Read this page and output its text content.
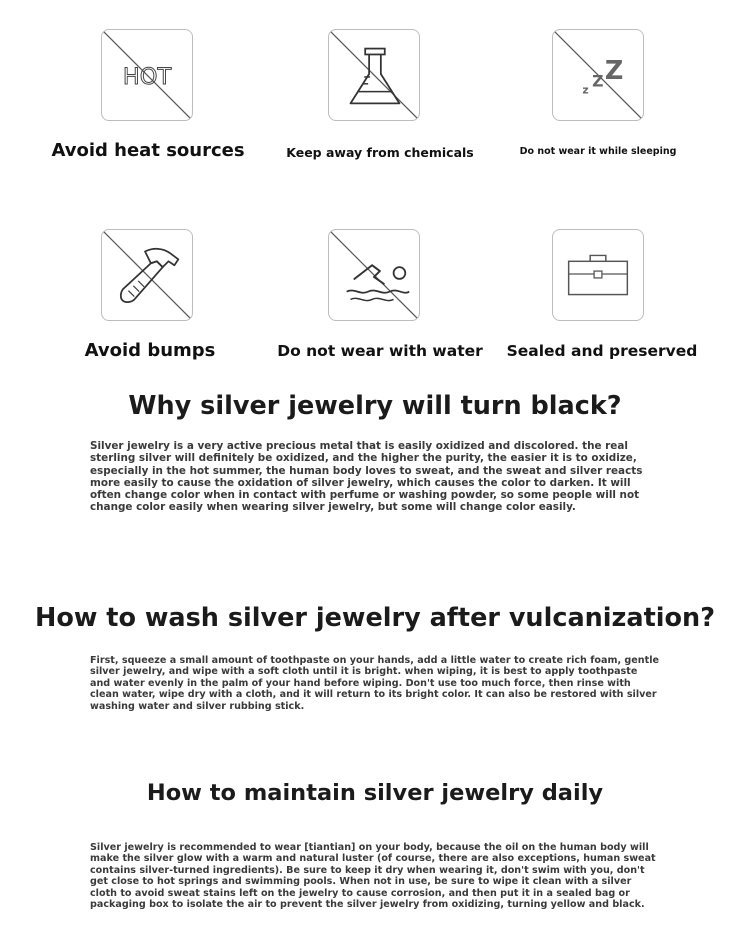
HOT
Avoid heat sources	Keep away from chemicals
z Z Z
Do not wear it while sleeping
Avoid bumps	Do not wear with water	Sealed and preserved
Why silver jewelry will turn black?

Silver jewelry is a very active precious metal that is easily oxidized and discolored. the real sterling silver will definitely be oxidized, and the higher the purity, the easier it is to oxidize, especially in the hot summer, the human body loves to sweat, and the sweat and silver reacts more easily to cause the oxidation of silver jewelry, which causes the color to darken. It will often change color when in contact with perfume or washing powder, so some people will not change color easily when wearing silver jewelry, but some will change color easily.

How to wash silver jewelry after vulcanization?

First, squeeze a small amount of toothpaste on your hands, add a little water to create rich foam, gentle silver jewelry, and wipe with a soft cloth until it is bright. when wiping, it is best to apply toothpaste and water evenly in the palm of your hand before wiping. Don't use too much force, then rinse with clean water, wipe dry with a cloth, and it will return to its bright color. It can also be restored with silver washing water and silver rubbing stick.

How to maintain silver jewelry daily

Silver jewelry is recommended to wear [tiantian] on your body, because the oil on the human body will make the silver glow with a warm and natural luster (of course, there are also exceptions, human sweat contains silver-turned ingredients). Be sure to keep it dry when wearing it, don't swim with you, don't get close to hot springs and swimming pools. When not in use, be sure to wipe it clean with a silver cloth to avoid sweat stains left on the jewelry to cause corrosion, and then put it in a sealed bag or packaging box to isolate the air to prevent the silver jewelry from oxidizing, turning yellow and black.
